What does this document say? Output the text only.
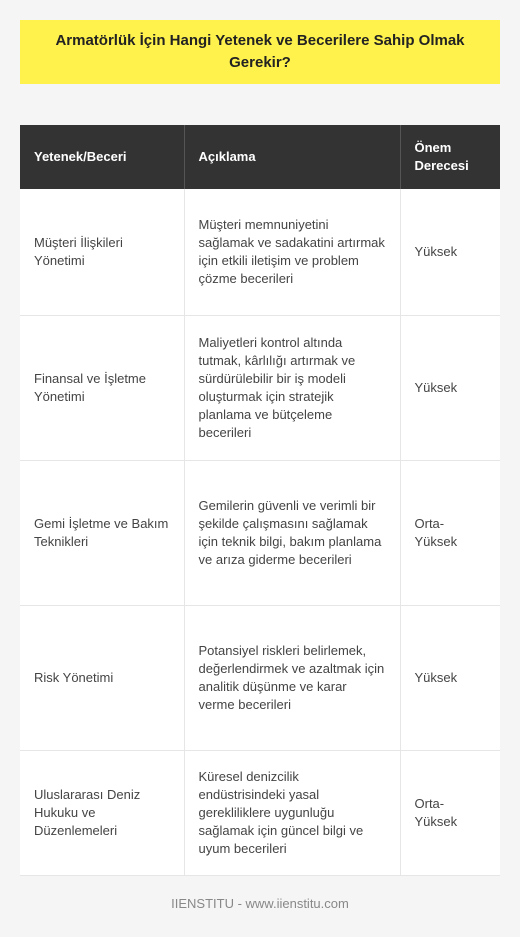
Armatörlük İçin Hangi Yetenek ve Becerilere Sahip Olmak Gerekir?
Yetenek/Beceri	Açıklama	Önem Derecesi
Müşteri İlişkileri Yönetimi	Müşteri memnuniyetini sağlamak ve sadakatini artırmak için etkili iletişim ve problem çözme becerileri	Yüksek
Finansal ve İşletme Yönetimi	Maliyetleri kontrol altında tutmak, kârlılığı artırmak ve sürdürülebilir bir iş modeli oluşturmak için stratejik planlama ve bütçeleme becerileri	Yüksek
Gemi İşletme ve Bakım Teknikleri	Gemilerin güvenli ve verimli bir şekilde çalışmasını sağlamak için teknik bilgi, bakım planlama ve arıza giderme becerileri	Orta-Yüksek
Risk Yönetimi	Potansiyel riskleri belirlemek, değerlendirmek ve azaltmak için analitik düşünme ve karar verme becerileri	Yüksek
Uluslararası Deniz Hukuku ve Düzenlemeleri	Küresel denizcilik endüstrisindeki yasal gerekliliklere uygunluğu sağlamak için güncel bilgi ve uyum becerileri	Orta-Yüksek
IIENSTITU - www.iienstitu.com
